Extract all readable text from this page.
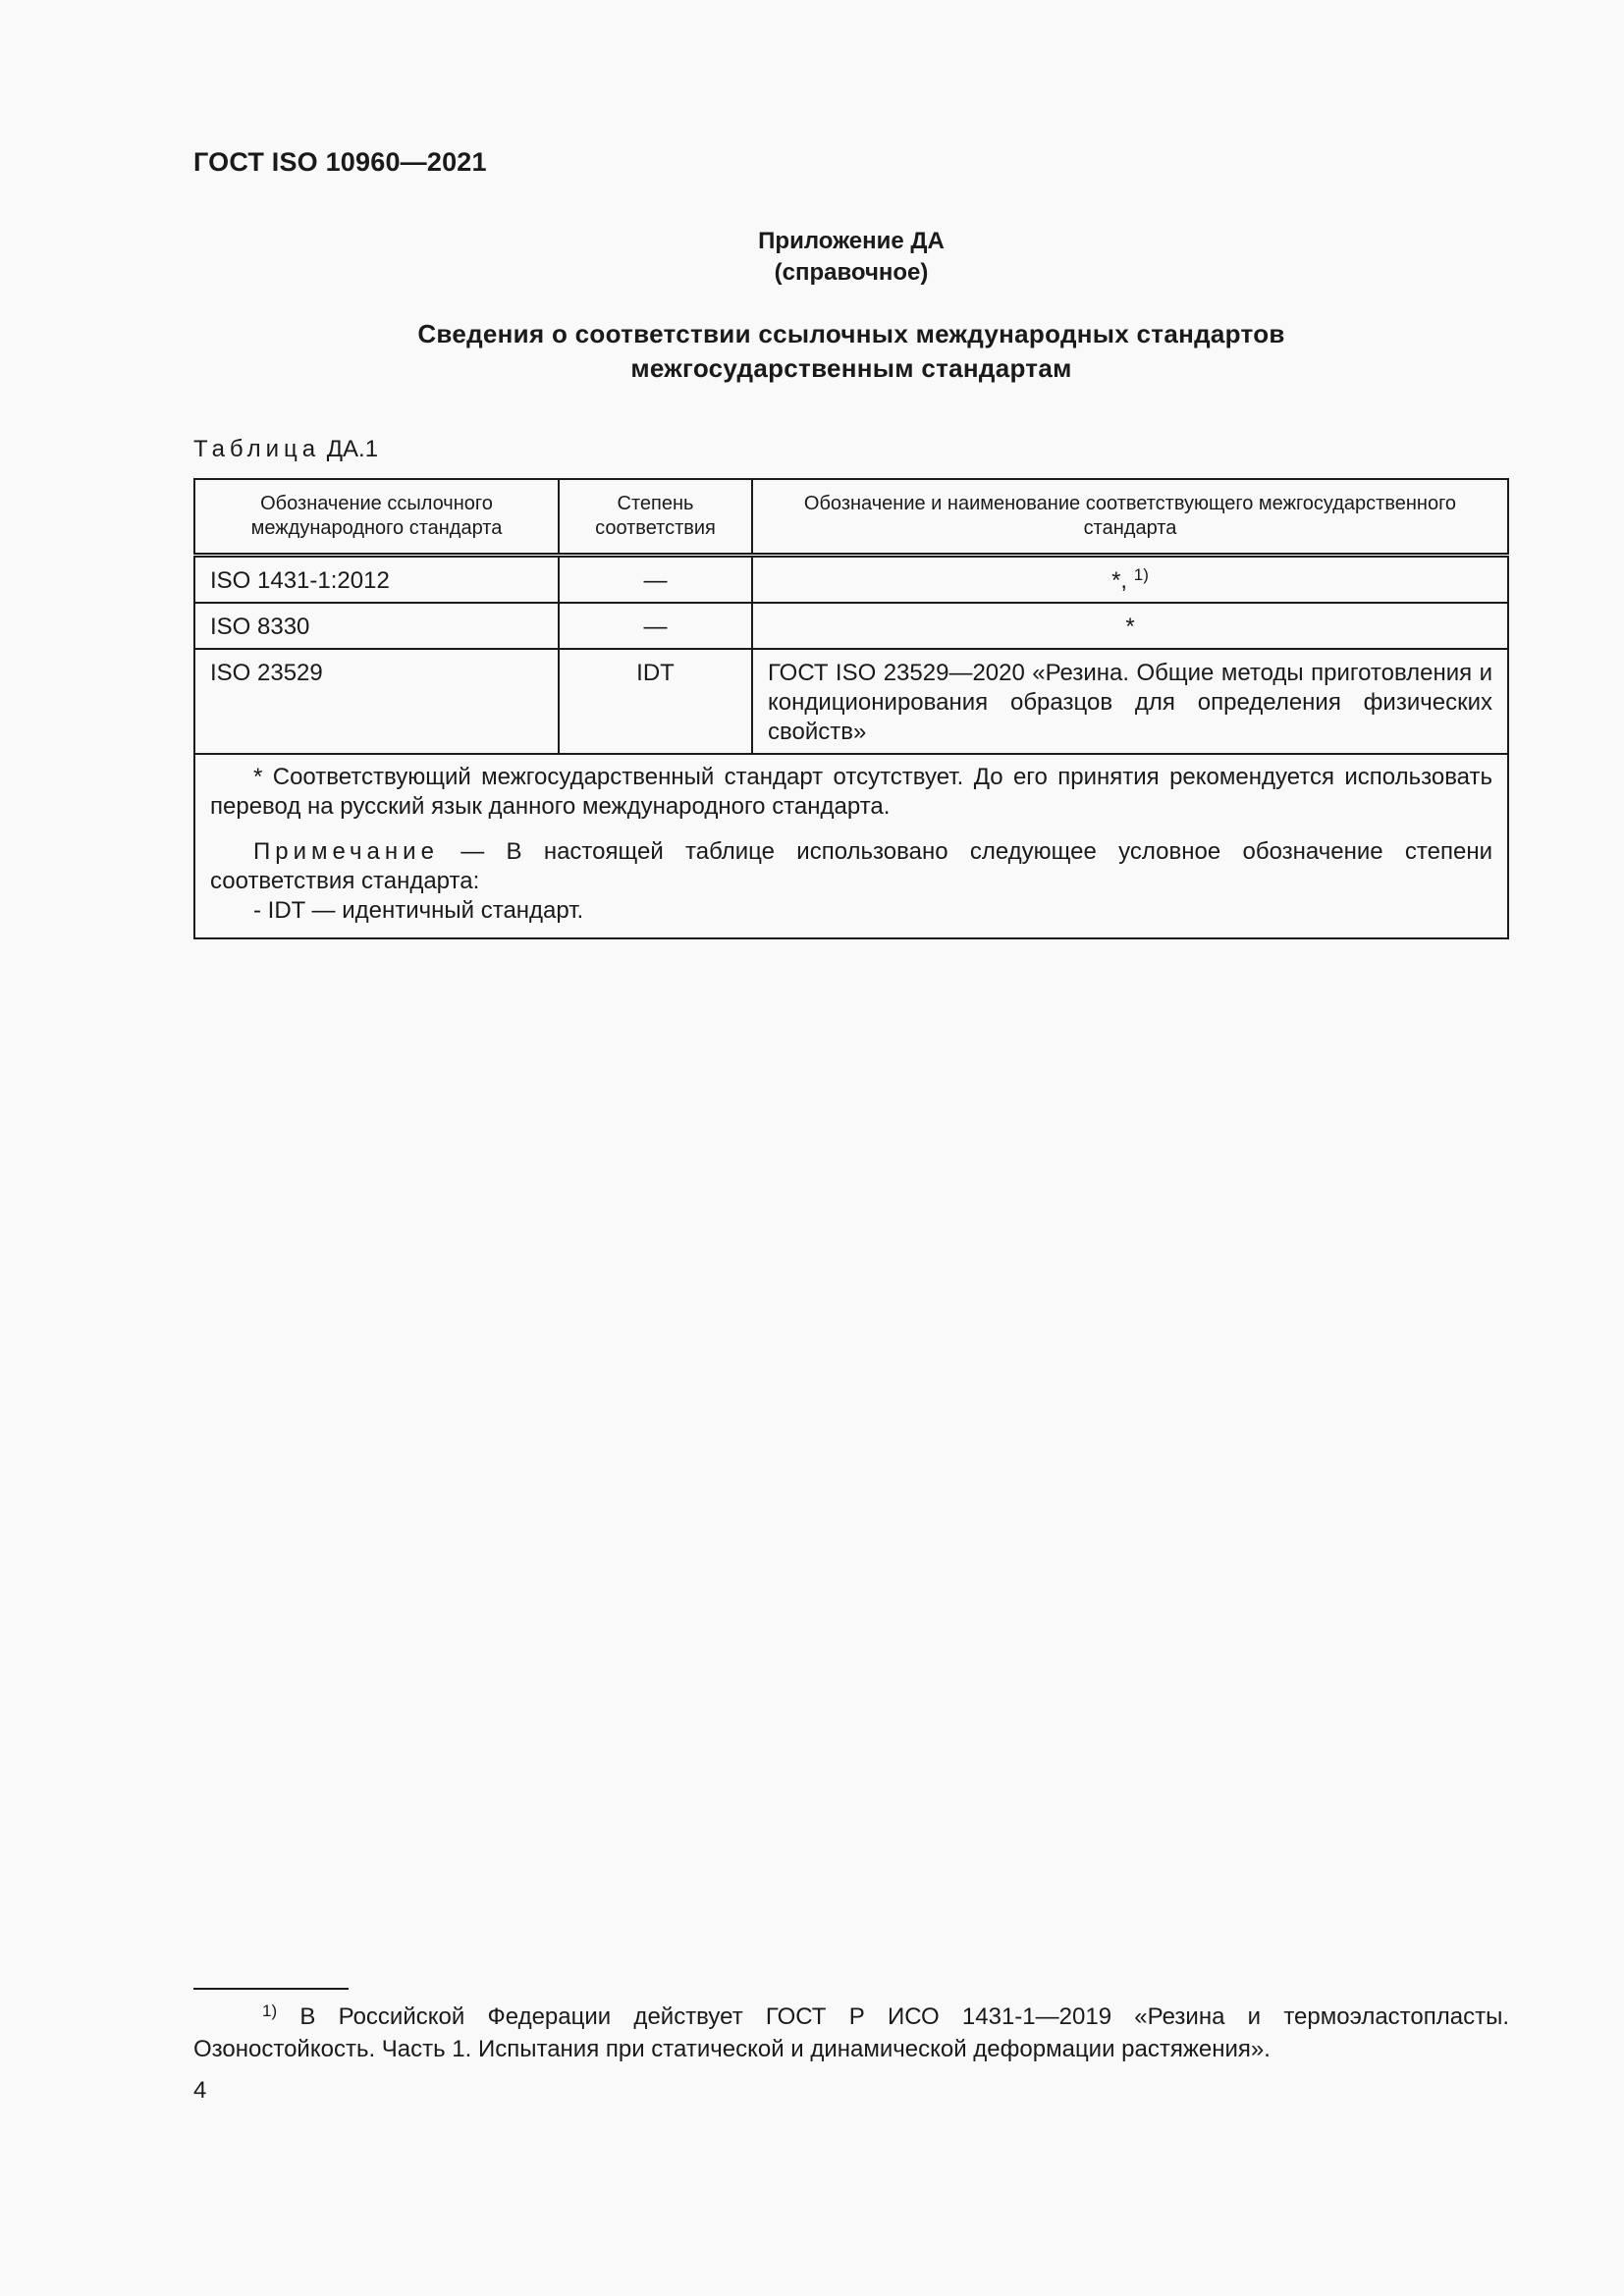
ГОСТ ISO 10960—2021
Приложение ДА
(справочное)
Сведения о соответствии ссылочных международных стандартов
межгосударственным стандартам
Таблица ДА.1
Обозначение ссылочного международного стандарта	Степень соответствия	Обозначение и наименование соответствующего межгосударственного стандарта
ISO 1431-1:2012	—	*, $^{1)}$
ISO 8330	—	*
ISO 23529	IDT	ГОСТ ISO 23529—2020 «Резина. Общие методы приготовления и кондиционирования образцов для определения физических свойств»

* Соответствующий межгосударственный стандарт отсутствует. До его принятия рекомендуется использовать перевод на русский язык данного международного стандарта.

Примечание — В настоящей таблице использовано следующее условное обозначение степени соответствия стандарта:

- IDT — идентичный стандарт.		

$^{1)}$ В Российской Федерации действует ГОСТ Р ИСО 1431-1—2019 «Резина и термоэластопласты. Озоностойкость. Часть 1. Испытания при статической и динамической деформации растяжения».
4
